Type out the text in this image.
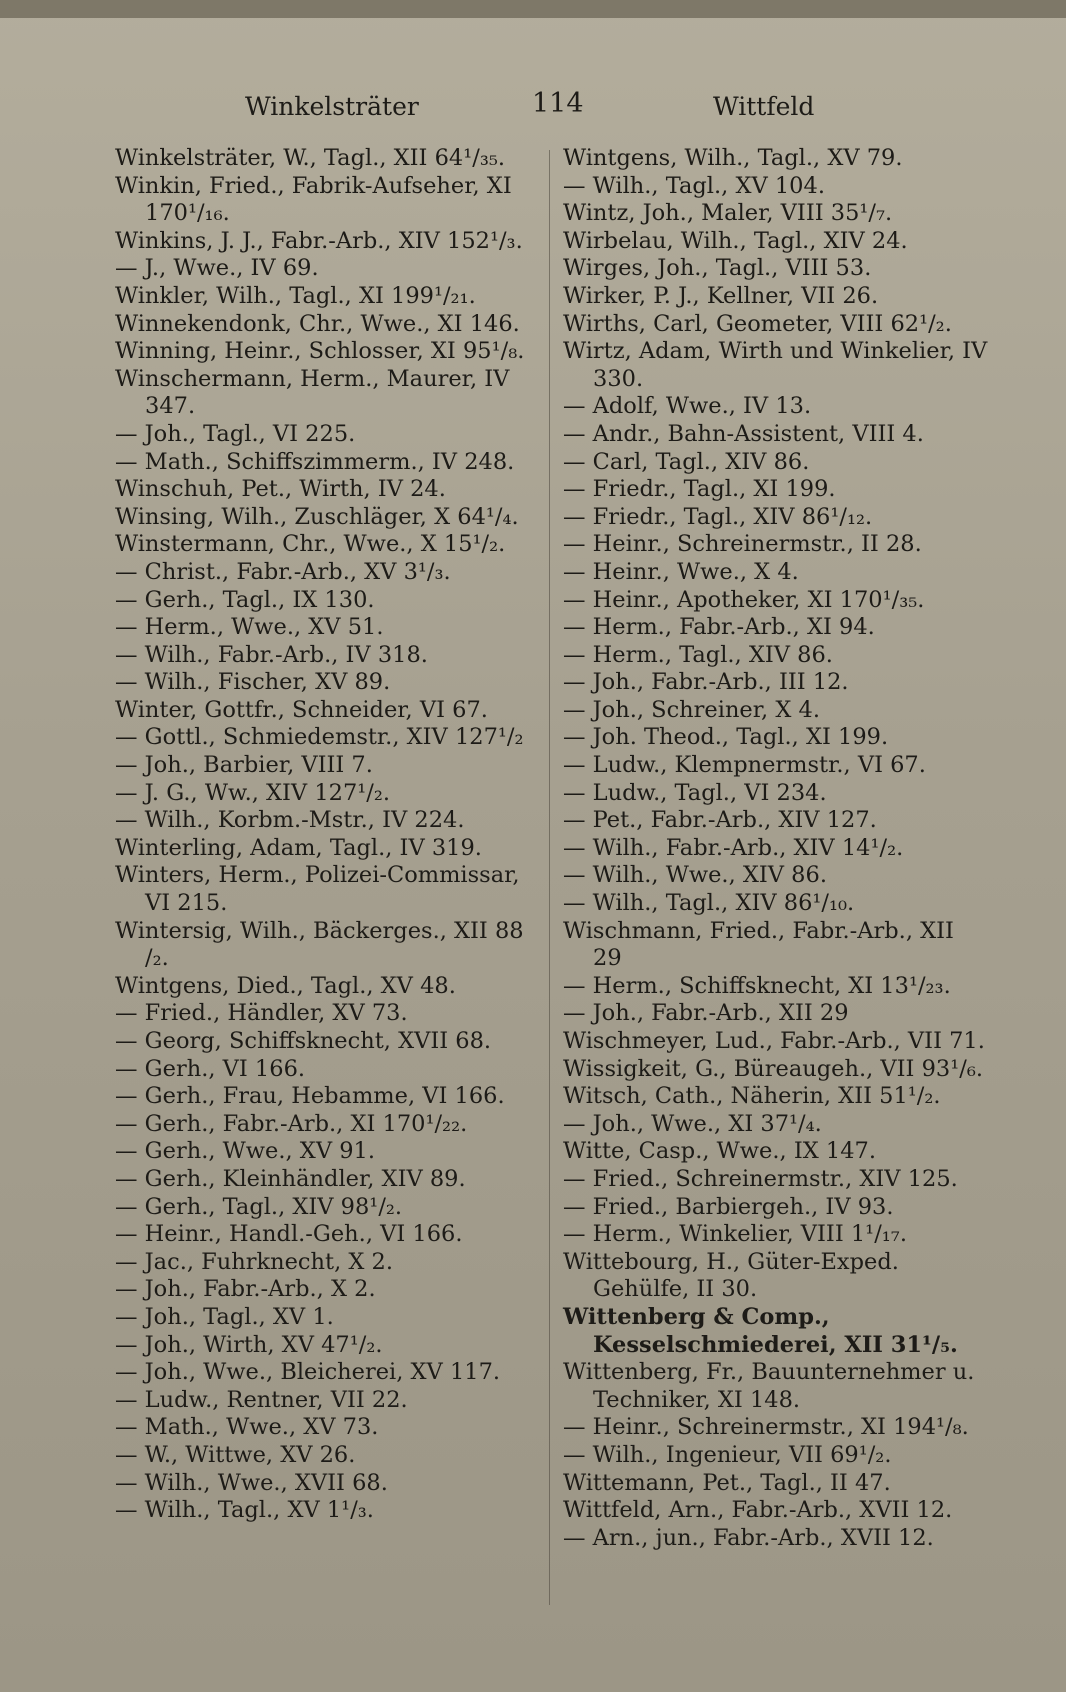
Winkelsträter	114	Wittfeld
Winkelsträter, W., Tagl., XII 64¹/₃₅.
Winkin, Fried., Fabrik-Aufseher, XI 170¹/₁₆.
Winkins, J. J., Fabr.-Arb., XIV 152¹/₃.
— J., Wwe., IV 69.
Winkler, Wilh., Tagl., XI 199¹/₂₁.
Winnekendonk, Chr., Wwe., XI 146.
Winning, Heinr., Schlosser, XI 95¹/₈.
Winschermann, Herm., Maurer, IV 347.
— Joh., Tagl., VI 225.
— Math., Schiffszimmerm., IV 248.
Winschuh, Pet., Wirth, IV 24.
Winsing, Wilh., Zuschläger, X 64¹/₄.
Winstermann, Chr., Wwe., X 15¹/₂.
— Christ., Fabr.-Arb., XV 3¹/₃.
— Gerh., Tagl., IX 130.
— Herm., Wwe., XV 51.
— Wilh., Fabr.-Arb., IV 318.
— Wilh., Fischer, XV 89.
Winter, Gottfr., Schneider, VI 67.
— Gottl., Schmiedemstr., XIV 127¹/₂
— Joh., Barbier, VIII 7.
— J. G., Ww., XIV 127¹/₂.
— Wilh., Korbm.-Mstr., IV 224.
Winterling, Adam, Tagl., IV 319.
Winters, Herm., Polizei-Commissar, VI 215.
Wintersig, Wilh., Bäckerges., XII 88 /₂.
Wintgens, Died., Tagl., XV 48.
— Fried., Händler, XV 73.
— Georg, Schiffsknecht, XVII 68.
— Gerh., VI 166.
— Gerh., Frau, Hebamme, VI 166.
— Gerh., Fabr.-Arb., XI 170¹/₂₂.
— Gerh., Wwe., XV 91.
— Gerh., Kleinhändler, XIV 89.
— Gerh., Tagl., XIV 98¹/₂.
— Heinr., Handl.-Geh., VI 166.
— Jac., Fuhrknecht, X 2.
— Joh., Fabr.-Arb., X 2.
— Joh., Tagl., XV 1.
— Joh., Wirth, XV 47¹/₂.
— Joh., Wwe., Bleicherei, XV 117.
— Ludw., Rentner, VII 22.
— Math., Wwe., XV 73.
— W., Wittwe, XV 26.
— Wilh., Wwe., XVII 68.
— Wilh., Tagl., XV 1¹/₃.
Wintgens, Wilh., Tagl., XV 79.
— Wilh., Tagl., XV 104.
Wintz, Joh., Maler, VIII 35¹/₇.
Wirbelau, Wilh., Tagl., XIV 24.
Wirges, Joh., Tagl., VIII 53.
Wirker, P. J., Kellner, VII 26.
Wirths, Carl, Geometer, VIII 62¹/₂.
Wirtz, Adam, Wirth und Winkelier, IV 330.
— Adolf, Wwe., IV 13.
— Andr., Bahn-Assistent, VIII 4.
— Carl, Tagl., XIV 86.
— Friedr., Tagl., XI 199.
— Friedr., Tagl., XIV 86¹/₁₂.
— Heinr., Schreinermstr., II 28.
— Heinr., Wwe., X 4.
— Heinr., Apotheker, XI 170¹/₃₅.
— Herm., Fabr.-Arb., XI 94.
— Herm., Tagl., XIV 86.
— Joh., Fabr.-Arb., III 12.
— Joh., Schreiner, X 4.
— Joh. Theod., Tagl., XI 199.
— Ludw., Klempnermstr., VI 67.
— Ludw., Tagl., VI 234.
— Pet., Fabr.-Arb., XIV 127.
— Wilh., Fabr.-Arb., XIV 14¹/₂.
— Wilh., Wwe., XIV 86.
— Wilh., Tagl., XIV 86¹/₁₀.
Wischmann, Fried., Fabr.-Arb., XII 29
— Herm., Schiffsknecht, XI 13¹/₂₃.
— Joh., Fabr.-Arb., XII 29
Wischmeyer, Lud., Fabr.-Arb., VII 71.
Wissigkeit, G., Büreaugeh., VII 93¹/₆.
Witsch, Cath., Näherin, XII 51¹/₂.
— Joh., Wwe., XI 37¹/₄.
Witte, Casp., Wwe., IX 147.
— Fried., Schreinermstr., XIV 125.
— Fried., Barbiergeh., IV 93.
— Herm., Winkelier, VIII 1¹/₁₇.
Wittebourg, H., Güter-Exped. Gehülfe, II 30.
Wittenberg & Comp., Kesselschmiederei, XII 31¹/₅.
Wittenberg, Fr., Bauunternehmer u. Techniker, XI 148.
— Heinr., Schreinermstr., XI 194¹/₈.
— Wilh., Ingenieur, VII 69¹/₂.
Wittemann, Pet., Tagl., II 47.
Wittfeld, Arn., Fabr.-Arb., XVII 12.
— Arn., jun., Fabr.-Arb., XVII 12.
